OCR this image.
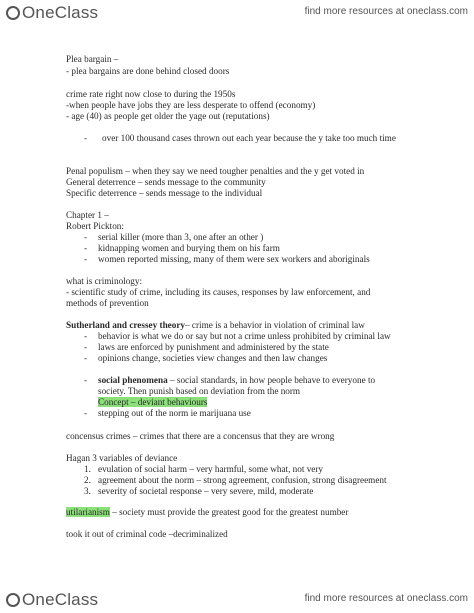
OneClass	find more resources at oneclass.com
Plea bargain –
- plea bargains are done behind closed doors
crime rate right now close to during the 1950s
-when people have jobs they are less desperate to offend (economy)
- age (40) as people get older the yage out (reputations)
- over 100 thousand cases thrown out each year because the y take too much time
Penal populism – when they say we need tougher penalties and the y get voted in
General deterrence – sends message to the community
Specific deterrence – sends message to the individual
Chapter 1 –
Robert Pickton:
- serial killer (more than 3, one after an other )
- kidnapping women and burying them on his farm
- women reported missing, many of them were sex workers and aboriginals
what is criminology:
- scientific study of crime, including its causes, responses by law enforcement, and
methods of prevention
Sutherland and cressey theory– crime is a behavior in violation of criminal law
- behavior is what we do or say but not a crime unless prohibited by criminal law
- laws are enforced by punishment and administered by the state
- opinions change, societies view changes and then law changes
- social phenomena – social standards, in how people behave to everyone to
society. Then punish based on deviation from the norm
Concept – deviant behaviours
- stepping out of the norm ie marijuana use
concensus crimes – crimes that there are a concensus that they are wrong
Hagan 3 variables of deviance
1. evulation of social harm – very harmful, some what, not very
2. agreement about the norm – strong agreement, confusion, strong disagreement
3. severity of societal response – very severe, mild, moderate
utilarianism – society must provide the greatest good for the greatest number
took it out of criminal code –decriminalized
OneClass	find more resources at oneclass.com
